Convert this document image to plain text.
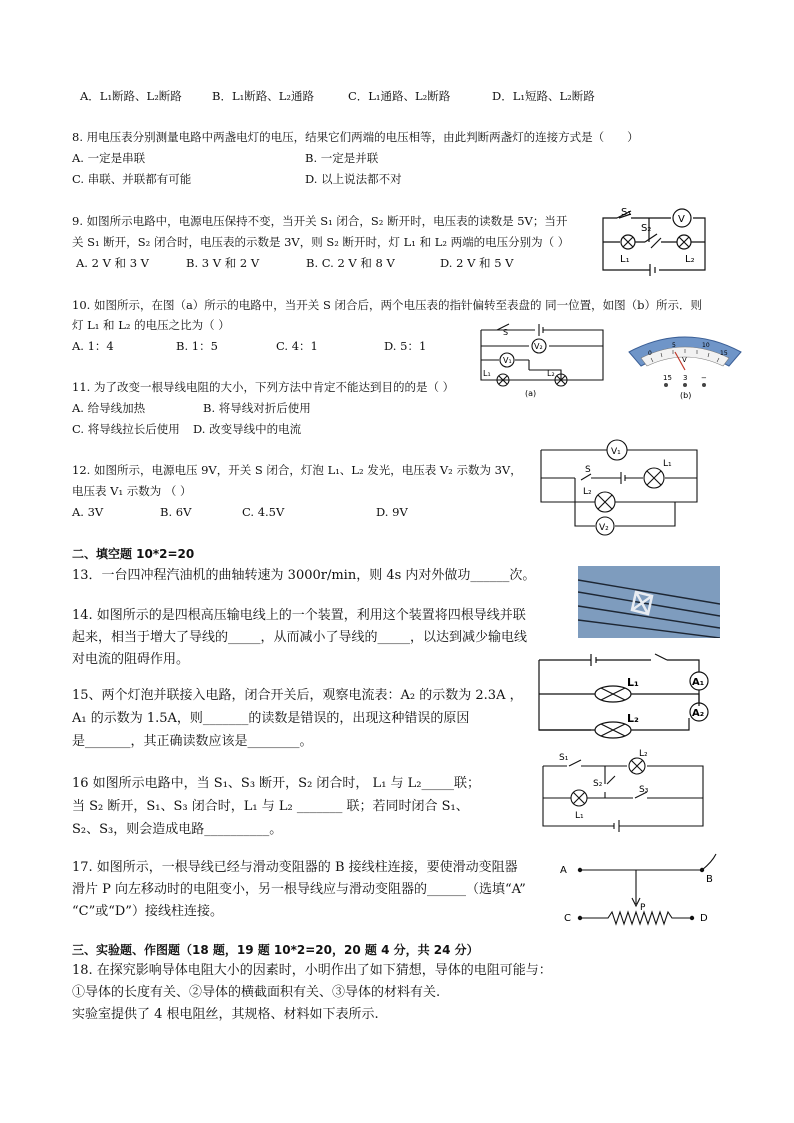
A．L₁断路、L₂断路	B．L₁断路、L₂通路	C．L₁通路、L₂断路	D．L₁短路、L₂断路
8. 用电压表分别测量电路中两盏电灯的电压，结果它们两端的电压相等，由此判断两盏灯的连接方式是（　　）
A. 一定是串联	B. 一定是并联
C. 串联、并联都有可能	D. 以上说法都不对
9. 如图所示电路中，电源电压保持不变，当开关 S₁ 闭合，S₂ 断开时，电压表的读数是 5V；当开
关 S₁ 断开，S₂ 闭合时，电压表的示数是 3V，则 S₂ 断开时，灯 L₁ 和 L₂ 两端的电压分别为（ ）
A. 2 V 和 3 V	B. 3 V 和 2 V	B. C. 2 V 和 8 V	D. 2 V 和 5 V
V
S₁
S₂
L₁	L₂
10. 如图所示，在图（a）所示的电路中，当开关 S 闭合后，两个电压表的指针偏转至表盘的 同一位置，如图（b）所示．则
灯 L₁ 和 L₂ 的电压之比为（ ）
A. 1：4	B. 1：5	C. 4：1	D. 5：1
S
V₁
V₂
L₁	L₂
(a)
0
5	10
15
V
15 3 −
(b)
11. 为了改变一根导线电阻的大小，下列方法中肯定不能达到目的的是（ ）
A. 给导线加热	B. 将导线对折后使用
C. 将导线拉长后使用 D. 改变导线中的电流
12. 如图所示，电源电压 9V，开关 S 闭合，灯泡 L₁、L₂ 发光，电压表 V₂ 示数为 3V，
电压表 V₁ 示数为 （ ）
A. 3V	B. 6V	C. 4.5V	D. 9V
V₁
V₂
S
L₁
L₂
二、填空题 10*2=20
13．一台四冲程汽油机的曲轴转速为 3000r/min，则 4s 内对外做功______次。
14. 如图所示的是四根高压输电线上的一个装置，利用这个装置将四根导线并联
起来，相当于增大了导线的_____，从而减小了导线的_____，以达到减少输电线
对电流的阻碍作用。
L₁
L₂
A₁
A₂
15、两个灯泡并联接入电路，闭合开关后，观察电流表：A₂ 的示数为 2.3A ，
A₁ 的示数为 1.5A，则_______的读数是错误的，出现这种错误的原因
是_______，其正确读数应该是________。
S₁
S₂
S₃
L₁
L₂
16 如图所示电路中，当 S₁、S₃ 断开，S₂ 闭合时， L₁ 与 L₂_____联；
当 S₂ 断开，S₁、S₃ 闭合时，L₁ 与 L₂ _______ 联；若同时闭合 S₁、
S₂、S₃，则会造成电路__________。
17. 如图所示，一根导线已经与滑动变阻器的 B 接线柱连接，要使滑动变阻器
滑片 P 向左移动时的电阻变小，另一根导线应与滑动变阻器的______（选填“A”
“C”或“D”）接线柱连接。
A
B
C	D
P
三、实验题、作图题（18 题，19 题 10*2=20，20 题 4 分，共 24 分）
18. 在探究影响导体电阻大小的因素时，小明作出了如下猜想，导体的电阻可能与：
①导体的长度有关、②导体的横截面积有关、③导体的材料有关.
实验室提供了 4 根电阻丝，其规格、材料如下表所示.
